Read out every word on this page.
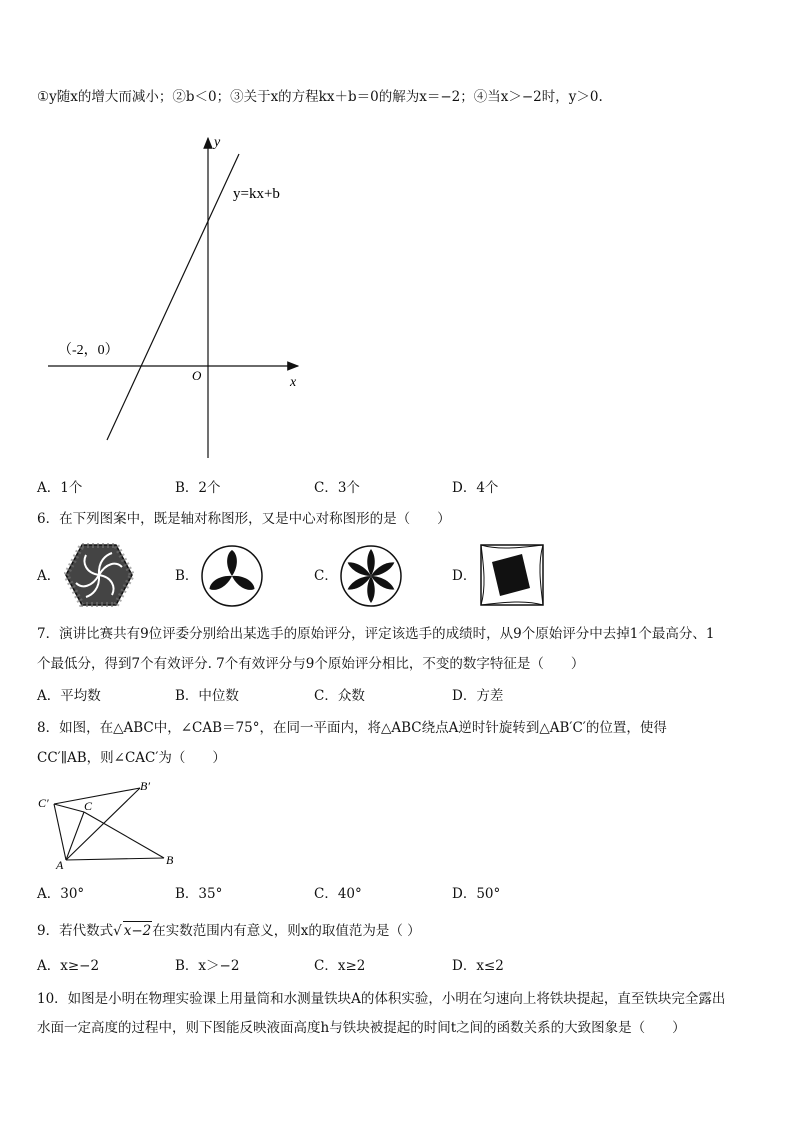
①y随x的增大而减小；②b＜0；③关于x的方程kx＋b＝0的解为x＝−2；④当x＞−2时，y＞0.
y
x
O
y=kx+b
（-2，0）
A．1个	B．2个	C．3个	D．4个
6．在下列图案中，既是轴对称图形，又是中心对称图形的是（　　）
A．	B．	C．	D．
7．演讲比赛共有9位评委分别给出某选手的原始评分，评定该选手的成绩时，从9个原始评分中去掉1个最高分、1
个最低分，得到7个有效评分. 7个有效评分与9个原始评分相比，不变的数字特征是（　　）
A．平均数	B．中位数	C．众数	D．方差
8．如图，在△ABC中，∠CAB＝75°，在同一平面内，将△ABC绕点A逆时针旋转到△AB′C′的位置，使得
CC′∥AB，则∠CAC′为（　　）
C′	C
B′
A	B
A．30°	B．35°	C．40°	D．50°
9．若代数式√ x−2在实数范围内有意义，则x的取值范为是（ ）
A．x≥−2	B．x＞−2	C．x≥2	D．x≤2
10．如图是小明在物理实验课上用量筒和水测量铁块A的体积实验，小明在匀速向上将铁块提起，直至铁块完全露出
水面一定高度的过程中，则下图能反映液面高度h与铁块被提起的时间t之间的函数关系的大致图象是（　　）
